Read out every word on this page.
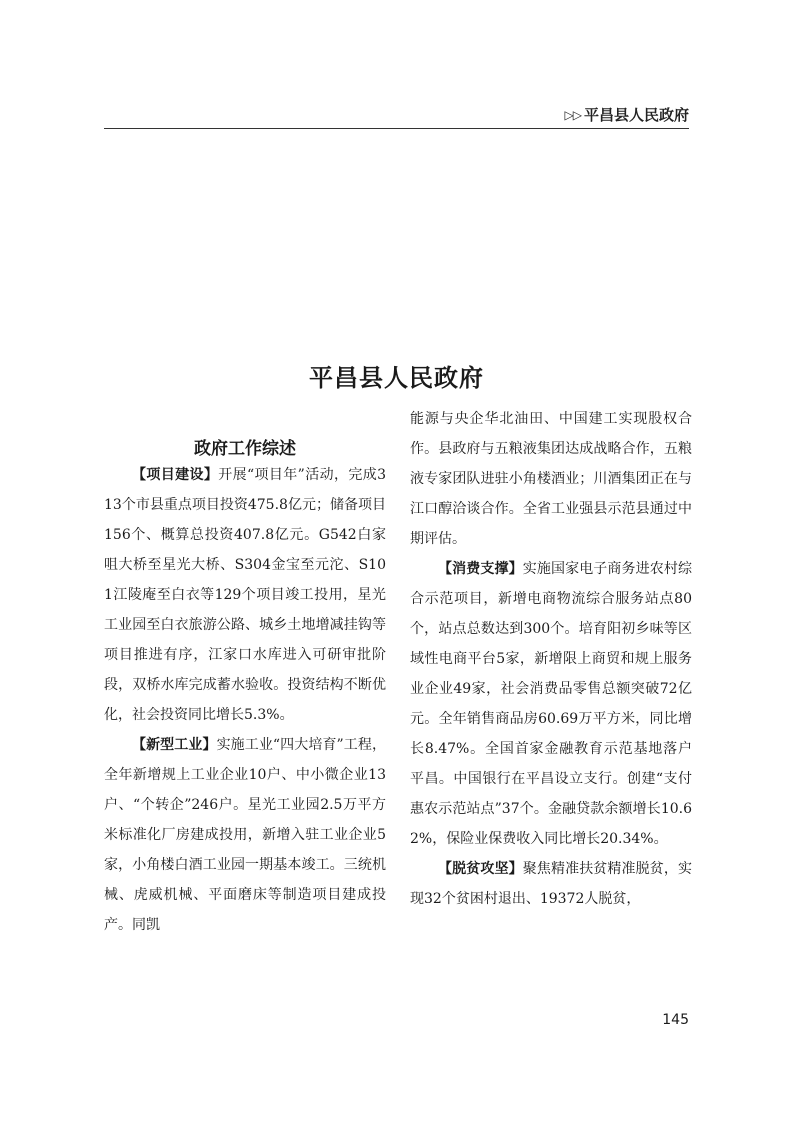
▷▷ 平昌县人民政府
平昌县人民政府
政府工作综述

【项目建设】开展“项目年”活动，完成313个市县重点项目投资475.8亿元；储备项目156个、概算总投资407.8亿元。G542白家咀大桥至星光大桥、S304金宝至元沱、S101江陵庵至白衣等129个项目竣工投用，星光工业园至白衣旅游公路、城乡土地增减挂钩等项目推进有序，江家口水库进入可研审批阶段，双桥水库完成蓄水验收。投资结构不断优化，社会投资同比增长5.3%。

【新型工业】实施工业“四大培育”工程，全年新增规上工业企业10户、中小微企业13户、“个转企”246户。星光工业园2.5万平方米标准化厂房建成投用，新增入驻工业企业5家，小角楼白酒工业园一期基本竣工。三统机械、虎威机械、平面磨床等制造项目建成投产。同凯

能源与央企华北油田、中国建工实现股权合作。县政府与五粮液集团达成战略合作，五粮液专家团队进驻小角楼酒业；川酒集团正在与江口醇洽谈合作。全省工业强县示范县通过中期评估。

【消费支撑】实施国家电子商务进农村综合示范项目，新增电商物流综合服务站点80个，站点总数达到300个。培育阳初乡味等区域性电商平台5家，新增限上商贸和规上服务业企业49家，社会消费品零售总额突破72亿元。全年销售商品房60.69万平方米，同比增长8.47%。全国首家金融教育示范基地落户平昌。中国银行在平昌设立支行。创建“支付惠农示范站点”37个。金融贷款余额增长10.62%，保险业保费收入同比增长20.34%。

【脱贫攻坚】聚焦精准扶贫精准脱贫，实现32个贫困村退出、19372人脱贫，

145
